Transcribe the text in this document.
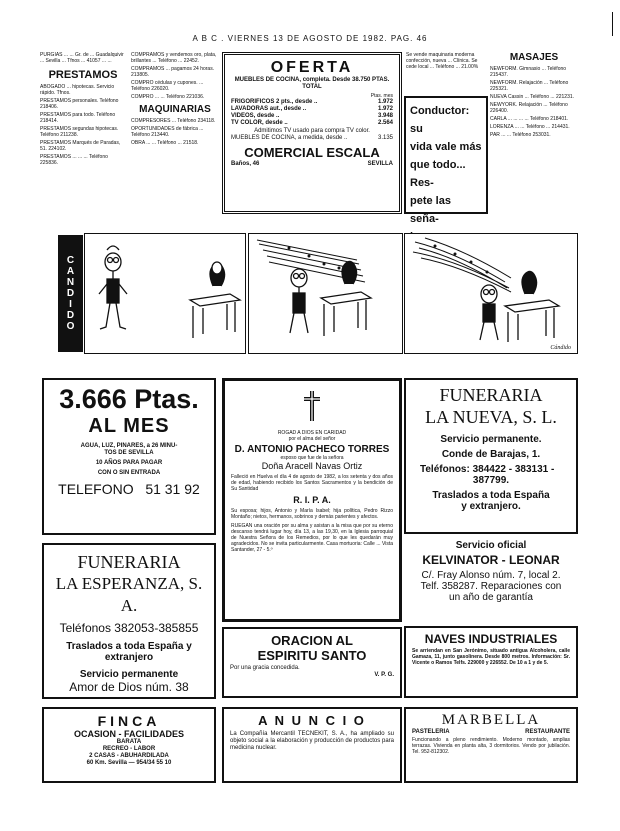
A B C . VIERNES 13 DE AGOSTO DE 1982. PAG. 46
PURGIAS ... ... Gr. de ... Guadalquivir ... Sevilla ... Tfnos ... 41057 ... ...
PRESTAMOS
ABOGADO ... hipotecas. Servicio rápido. Tfnos.
PRESTAMOS personales. Teléfono 218406.
PRESTAMOS para todo. Teléfono 218414.
PRESTAMOS segundas hipotecas. Teléfono 211238.
PRESTAMOS Marqués de Paradas, 51. 224102.
PRESTAMOS ... ... ... Teléfono 225836.
COMPRAMOS y vendemos oro, plata, brillantes ... Teléfono ... 22452.
COMPRAMOS ... pagamos 24 horas. 213805.
COMPRO cédulas y cupones. ... Teléfono 226020.
COMPRO ... ... Teléfono 221036.
MAQUINARIAS
COMPRESORES ... Teléfono 234118.
OPORTUNIDADES de fábrica ... Teléfono 213440.
OBRA ... ... Teléfono ... 21518.
OFERTA
MUEBLES DE COCINA, completa. Desde 38.750 PTAS. TOTAL
Ptas. mes
FRIGORIFICOS 2 pts., desde ..	1.972
LAVADORAS aut., desde ..	1.972
VIDEOS, desde ..	3.948
TV COLOR, desde ..	2.564
Admitimos TV usado para compra TV color.
MUEBLES DE COCINA, a medida, desde ..	3.135
COMERCIAL ESCALA
Baños, 46	SEVILLA
Se vende maquinaria moderna confección, nueva ... Clínica. Se cede local ... Teléfono ... 21.00%
Conductor: su
vida vale más
que todo... Res-
pete las seña-
MASAJES
NEWFORM. Gimnasio ... Teléfono 215437.
NEWFORM. Relajación ... Teléfono 225321.
NUEVA Cassin ... Teléfono ... 221231.
NEWYORK. Relajación ... Teléfono 226400.
CARLA ... ... ... ... Teléfono 218401.
LORENZA ... ... Teléfono ... 214431.
PAR ... ... Teléfono 253031.
C
A
N
D
I
D
O
Cándido
3.666 Ptas.
AL MES
AGUA, LUZ, PINARES, a 26 MINU-
TOS DE SEVILLA
10 AÑOS PARA PAGAR
CON O SIN ENTRADA
TELEFONO 51 31 92
ROGAD A DIOS EN CARIDAD
por el alma del señor
D. ANTONIO PACHECO TORRES
esposo que fue de la señora
Doña Aracell Navas Ortiz
Falleció en Huelva el día 4 de agosto de 1982, a los setenta y dos años de edad, habiendo recibido los Santos Sacramentos y la bendición de Su Santidad
R. I. P. A.
Su esposa; hijos, Antonio y María Isabel; hija política, Pedro Rizzo Montaño; nietos, hermanos, sobrinos y demás parientes y afectos.
RUEGAN una oración por su alma y asistan a la misa que por su eterno descanso tendrá lugar hoy, día 13, a las 19,30, en la Iglesia parroquial de Nuestra Señora de los Remedios, por lo que les quedarán muy agradecidos. No se invita particularmente. Casa mortuoria: Calle ... Vista Santander, 27 - 5.º
FUNERARIA
LA NUEVA, S. L.
Servicio permanente.
Conde de Barajas, 1.
Teléfonos: 384422 - 383131 -
387799.
Traslados a toda España
y extranjero.
FUNERARIA
LA ESPERANZA, S. A.
Teléfonos 382053-385855
Traslados a toda España y
extranjero
Servicio permanente
Amor de Dios núm. 38
Servicio oficial
KELVINATOR - LEONAR
C/. Fray Alonso núm. 7, local 2.
Telf. 358287. Reparaciones con
un año de garantía
ORACION AL
ESPIRITU SANTO
Por una gracia concedida.
V. P. G.
NAVES INDUSTRIALES
Se arriendan en San Jerónimo, situado antigua Alcoholera, calle Gamaza, 11, junto gasolinera. Desde 800 metros. Información: Sr. Vicente o Ramos Telfs. 229000 y 226552. De 10 a 1 y de 5.
FINCA
OCASION - FACILIDADES
BARATA
RECREO - LABOR
2 CASAS - ABUHARDILADA
60 Km. Sevilla — 954/34 55 10
A N U N C I O
La Compañía Mercantil TECNEKIT, S. A., ha ampliado su objeto social a la elaboración y producción de productos para medicina nuclear.
MARBELLA
PASTELERIA	RESTAURANTE
Funcionando a pleno rendimiento. Moderno montado, amplias terrazas. Vivienda en planta alta, 3 dormitorios. Vendo por jubilación. Tel. 952-812302.
